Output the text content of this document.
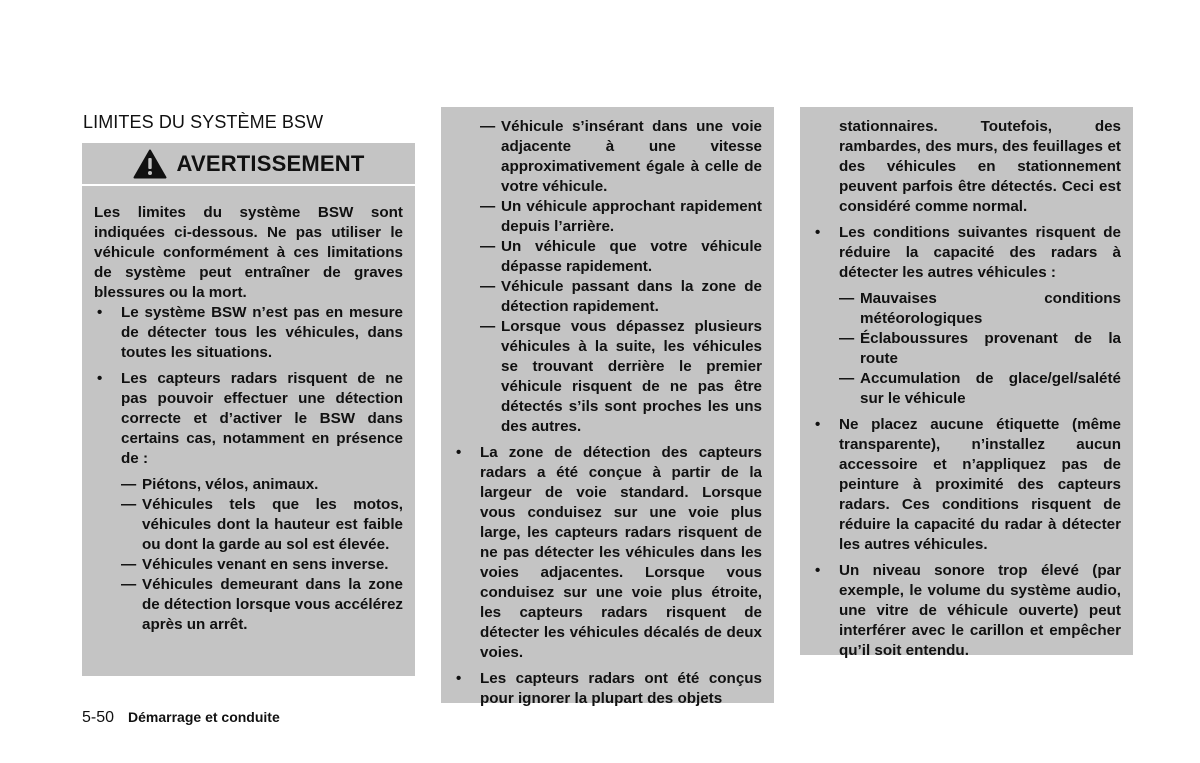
LIMITES DU SYSTÈME BSW
AVERTISSEMENT

Les limites du système BSW sont indiquées ci-dessous. Ne pas utiliser le véhicule conformément à ces limitations de système peut entraîner de graves blessures ou la mort.

• Le système BSW n’est pas en mesure de détecter tous les véhicules, dans toutes les situations.

• Les capteurs radars risquent de ne pas pouvoir effectuer une détection correcte et d’activer le BSW dans certains cas, notamment en présence de :

— Piétons, vélos, animaux.

— Véhicules tels que les motos, véhicules dont la hauteur est faible ou dont la garde au sol est élevée.

— Véhicules venant en sens inverse.

— Véhicules demeurant dans la zone de détection lorsque vous accélérez après un arrêt.

— Véhicule s’insérant dans une voie adjacente à une vitesse approximativement égale à celle de votre véhicule.

— Un véhicule approchant rapidement depuis l’arrière.

— Un véhicule que votre véhicule dépasse rapidement.

— Véhicule passant dans la zone de détection rapidement.

— Lorsque vous dépassez plusieurs véhicules à la suite, les véhicules se trouvant derrière le premier véhicule risquent de ne pas être détectés s’ils sont proches les uns des autres.

• La zone de détection des capteurs radars a été conçue à partir de la largeur de voie standard. Lorsque vous conduisez sur une voie plus large, les capteurs radars risquent de ne pas détecter les véhicules dans les voies adjacentes. Lorsque vous conduisez sur une voie plus étroite, les capteurs radars risquent de détecter les véhicules décalés de deux voies.

• Les capteurs radars ont été conçus pour ignorer la plupart des objets

stationnaires. Toutefois, des rambardes, des murs, des feuillages et des véhicules en stationnement peuvent parfois être détectés. Ceci est considéré comme normal.

• Les conditions suivantes risquent de réduire la capacité des radars à détecter les autres véhicules :

— Mauvaises conditions météorologiques

— Éclaboussures provenant de la route

— Accumulation de glace/gel/salété sur le véhicule

• Ne placez aucune étiquette (même transparente), n’installez aucun accessoire et n’appliquez pas de peinture à proximité des capteurs radars. Ces conditions risquent de réduire la capacité du radar à détecter les autres véhicules.

• Un niveau sonore trop élevé (par exemple, le volume du système audio, une vitre de véhicule ouverte) peut interférer avec le carillon et empêcher qu’il soit entendu.

5-50 Démarrage et conduite
